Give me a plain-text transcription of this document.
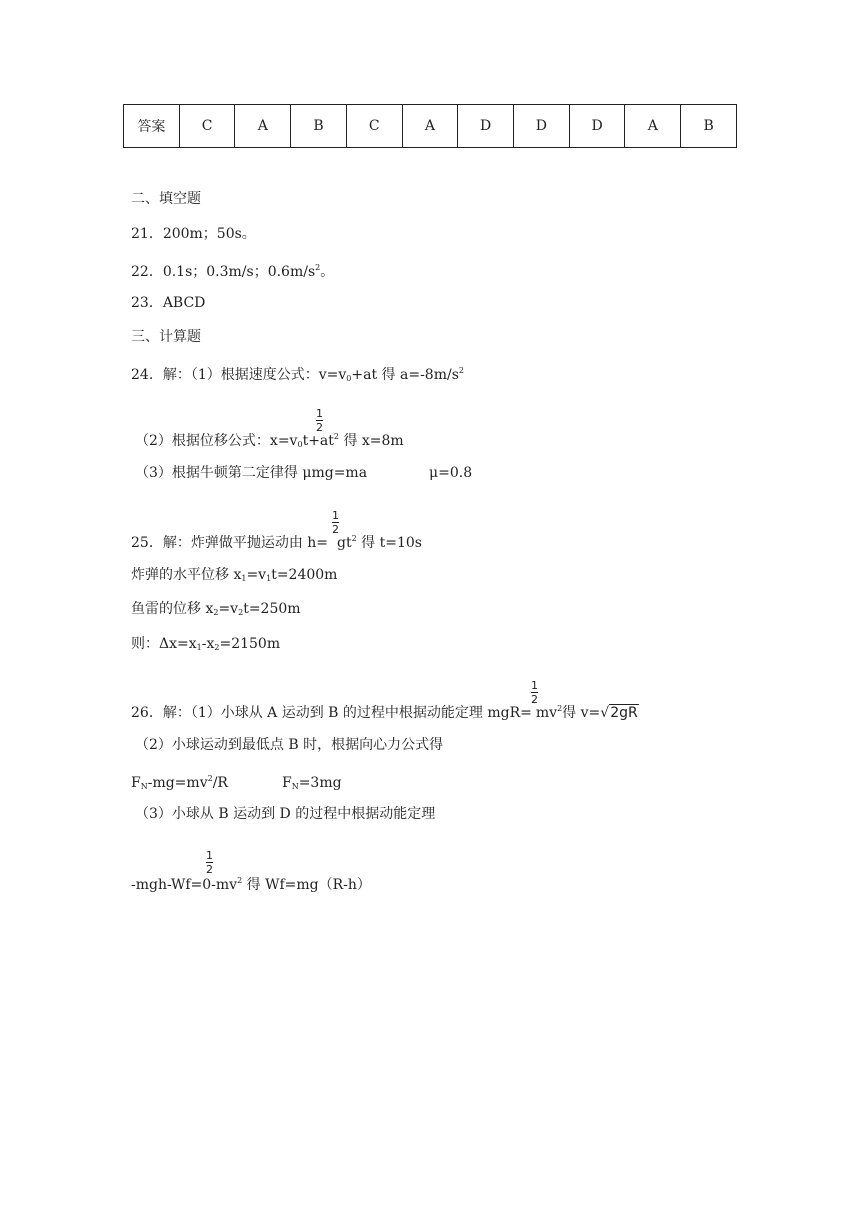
答案	C	A	B	C	A	D	D	D	A	B
二、填空题
21．200m；50s。
22．0.1s；0.3m/s；$0.6m/s^2$。
23．ABCD
三、计算题
24．解：（1）根据速度公式：$v=v_0+at$ 得 $a=-8m/s^2$
1
2
（2）根据位移公式：$x=v_0t+at^2$ 得 x=8m
（3）根据牛顿第二定律得 μmg=ma	μ=0.8
1
2
25．解：炸弹做平抛运动由 $h= gt^2$ 得 t=10s
炸弹的水平位移 $x_1=v_1t=2400m$
鱼雷的位移 $x_2=v_2t=250m$
则：$\Delta x=x_1-x_2=2150m$
1
2
26．解：（1）小球从 A 运动到 B 的过程中根据动能定理 $mgR= mv^2$得 v=√2gR
（2）小球运动到最低点 B 时，根据向心力公式得
$F_N-mg=mv^2/R$	$F_N=3mg$
（3）小球从 B 运动到 D 的过程中根据动能定理
1
2
$-mgh-Wf=0-mv^2$ 得 Wf=mg（R-h）
